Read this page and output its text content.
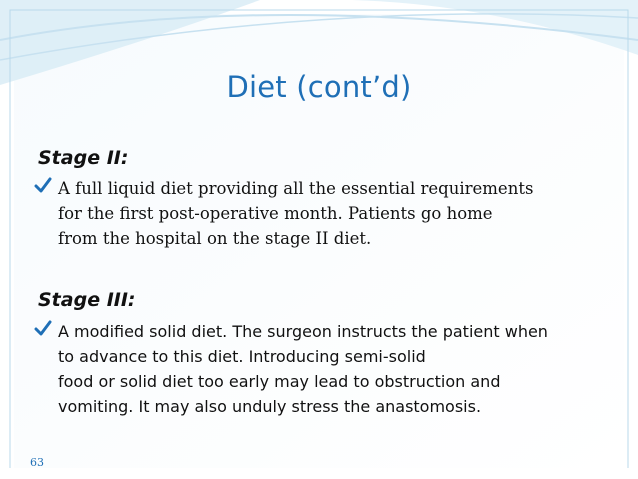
Diet (cont’d)
Stage II:
A full liquid diet providing all the essential requirements
for the first post-operative month. Patients go home
from the hospital on the stage II diet.
Stage III:
A modified solid diet. The surgeon instructs the patient when
to advance to this diet. Introducing semi-solid
food or solid diet too early may lead to obstruction and
vomiting. It may also unduly stress the anastomosis.
63
